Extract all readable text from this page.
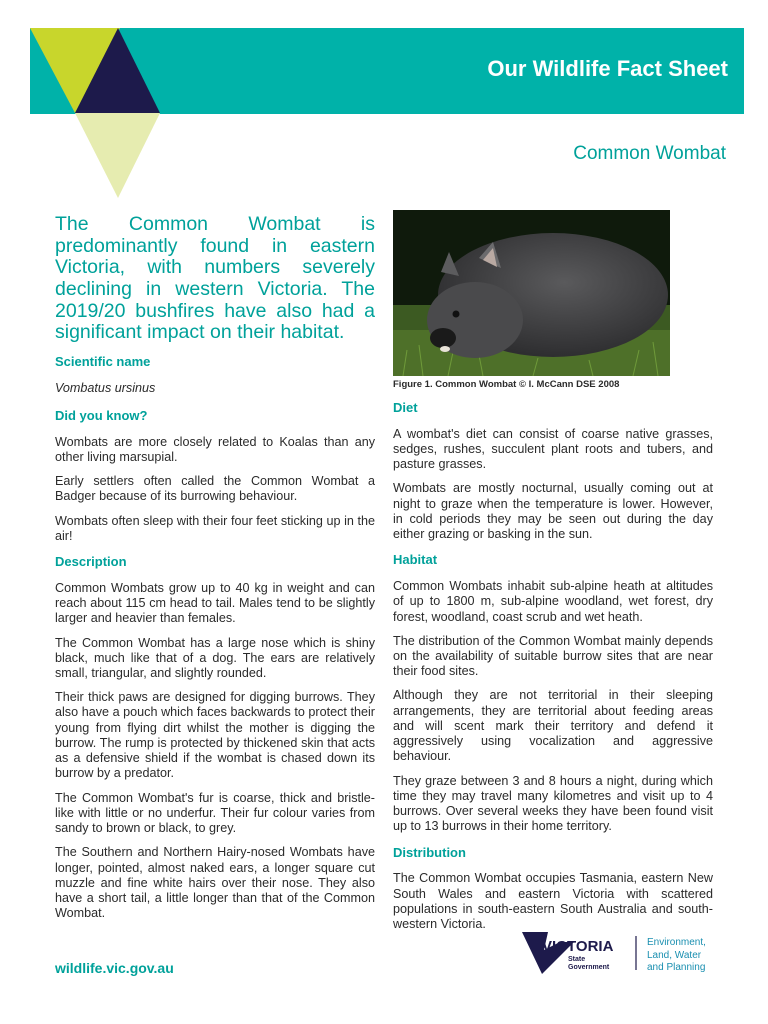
Our Wildlife Fact Sheet
Common Wombat

The Common Wombat is predominantly found in eastern Victoria, with numbers severely declining in western Victoria. The 2019/20 bushfires have also had a significant impact on their habitat.

Scientific name

Vombatus ursinus

Did you know?

Wombats are more closely related to Koalas than any other living marsupial.

Early settlers often called the Common Wombat a Badger because of its burrowing behaviour.

Wombats often sleep with their four feet sticking up in the air!

Description

Common Wombats grow up to 40 kg in weight and can reach about 115 cm head to tail. Males tend to be slightly larger and heavier than females.

The Common Wombat has a large nose which is shiny black, much like that of a dog. The ears are relatively small, triangular, and slightly rounded.

Their thick paws are designed for digging burrows. They also have a pouch which faces backwards to protect their young from flying dirt whilst the mother is digging the burrow. The rump is protected by thickened skin that acts as a defensive shield if the wombat is chased down its burrow by a predator.

The Common Wombat's fur is coarse, thick and bristle-like with little or no underfur. Their fur colour varies from sandy to brown or black, to grey.

The Southern and Northern Hairy-nosed Wombats have longer, pointed, almost naked ears, a longer square cut muzzle and fine white hairs over their nose. They also have a short tail, a little longer than that of the Common Wombat.

Figure 1. Common Wombat © I. McCann DSE 2008
Diet

A wombat's diet can consist of coarse native grasses, sedges, rushes, succulent plant roots and tubers, and pasture grasses.

Wombats are mostly nocturnal, usually coming out at night to graze when the temperature is lower. However, in cold periods they may be seen out during the day either grazing or basking in the sun.

Habitat

Common Wombats inhabit sub-alpine heath at altitudes of up to 1800 m, sub-alpine woodland, wet forest, dry forest, woodland, coast scrub and wet heath.

The distribution of the Common Wombat mainly depends on the availability of suitable burrow sites that are near their food sites.

Although they are not territorial in their sleeping arrangements, they are territorial about feeding areas and will scent mark their territory and defend it aggressively using vocalization and aggressive behaviour.

They graze between 3 and 8 hours a night, during which time they may travel many kilometres and visit up to 4 burrows. Over several weeks they have been found visit up to 13 burrows in their home territory.

Distribution

The Common Wombat occupies Tasmania, eastern New South Wales and eastern Victoria with scattered populations in south-eastern South Australia and south-western Victoria.

wildlife.vic.gov.au
VICTORIA
State
Government
Environment,
Land, Water
and Planning
